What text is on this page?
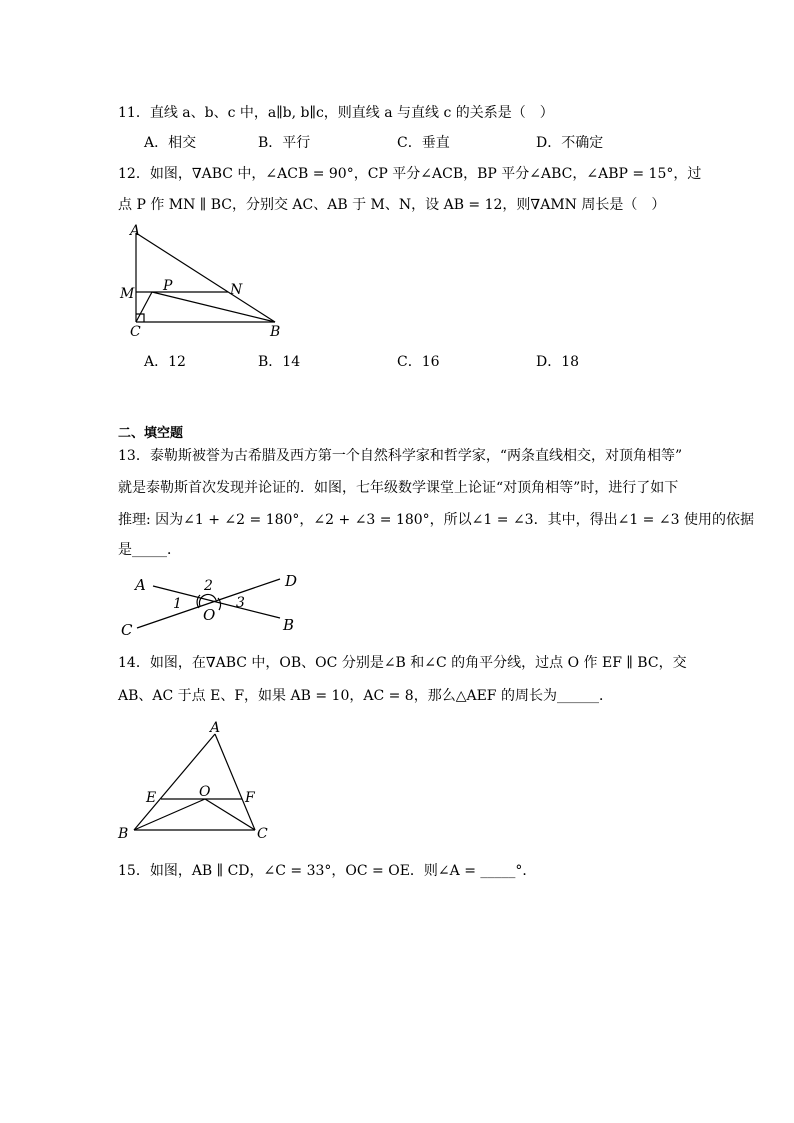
11．直线 a、b、c 中，a∥b, b∥c，则直线 a 与直线 c 的关系是（　）
A．相交	B．平行	C．垂直	D．不确定
12．如图，∇ABC 中，∠ACB = 90°，CP 平分∠ACB，BP 平分∠ABC，∠ABP = 15°，过
点 P 作 MN ∥ BC，分别交 AC、AB 于 M、N，设 AB = 12，则∇AMN 周长是（　）
A
M P	N
C	B
A．12	B．14	C．16	D．18
二、填空题
13．泰勒斯被誉为古希腊及西方第一个自然科学家和哲学家，“两条直线相交，对顶角相等”
就是泰勒斯首次发现并论证的．如图，七年级数学课堂上论证“对顶角相等”时，进行了如下
推理: 因为∠1 + ∠2 = 180°，∠2 + ∠3 = 180°，所以∠1 = ∠3．其中，得出∠1 = ∠3 使用的依据
是_____．
A	D
C	B
O
1
2
3
14．如图，在∇ABC 中，OB、OC 分别是∠B 和∠C 的角平分线，过点 O 作 EF ∥ BC，交
AB、AC 于点 E、F，如果 AB = 10，AC = 8，那么△AEF 的周长为______．
A
E	O F
B	C
15．如图，AB ∥ CD，∠C = 33°，OC = OE．则∠A = _____°．
